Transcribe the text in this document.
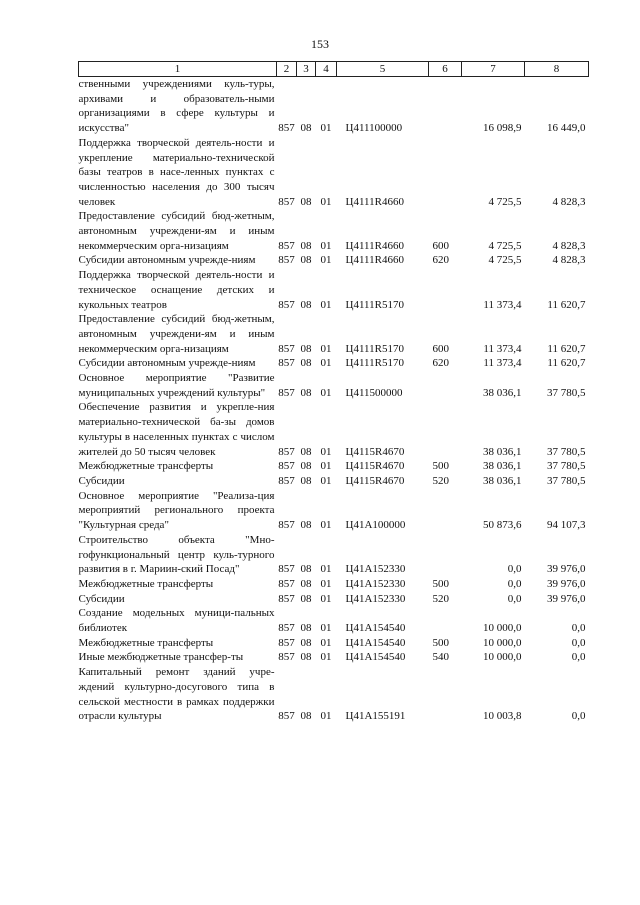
153
1	2	3	4	5	6	7	8
ственными учреждениями куль-туры, архивами и образователь-ными организациями в сфере культуры и искусства"	857	08	01	Ц411100000		16 098,9	16 449,0
Поддержка творческой деятель-ности и укрепление материально-технической базы театров в насе-ленных пунктах с численностью населения до 300 тысяч человек	857	08	01	Ц4111R4660		4 725,5	4 828,3
Предоставление субсидий бюд-жетным, автономным учреждени-ям и иным некоммерческим орга-низациям	857	08	01	Ц4111R4660	600	4 725,5	4 828,3
Субсидии автономным учрежде-ниям	857	08	01	Ц4111R4660	620	4 725,5	4 828,3
Поддержка творческой деятель-ности и техническое оснащение детских и кукольных театров	857	08	01	Ц4111R5170		11 373,4	11 620,7
Предоставление субсидий бюд-жетным, автономным учреждени-ям и иным некоммерческим орга-низациям	857	08	01	Ц4111R5170	600	11 373,4	11 620,7
Субсидии автономным учрежде-ниям	857	08	01	Ц4111R5170	620	11 373,4	11 620,7
Основное мероприятие "Развитие муниципальных учреждений культуры"	857	08	01	Ц411500000		38 036,1	37 780,5
Обеспечение развития и укрепле-ния материально-технической ба-зы домов культуры в населенных пунктах с числом жителей до 50 тысяч человек	857	08	01	Ц4115R4670		38 036,1	37 780,5
Межбюджетные трансферты	857	08	01	Ц4115R4670	500	38 036,1	37 780,5
Субсидии	857	08	01	Ц4115R4670	520	38 036,1	37 780,5
Основное мероприятие "Реализа-ция мероприятий регионального проекта "Культурная среда"	857	08	01	Ц41А100000		50 873,6	94 107,3
Строительство объекта "Мно-гофункциональный центр куль-турного развития в г. Мариин-ский Посад"	857	08	01	Ц41А152330		0,0	39 976,0
Межбюджетные трансферты	857	08	01	Ц41А152330	500	0,0	39 976,0
Субсидии	857	08	01	Ц41А152330	520	0,0	39 976,0
Создание модельных муници-пальных библиотек	857	08	01	Ц41А154540		10 000,0	0,0
Межбюджетные трансферты	857	08	01	Ц41А154540	500	10 000,0	0,0
Иные межбюджетные трансфер-ты	857	08	01	Ц41А154540	540	10 000,0	0,0
Капитальный ремонт зданий учре-ждений культурно-досугового типа в сельской местности в рамках поддержки отрасли культуры	857	08	01	Ц41А155191		10 003,8	0,0
